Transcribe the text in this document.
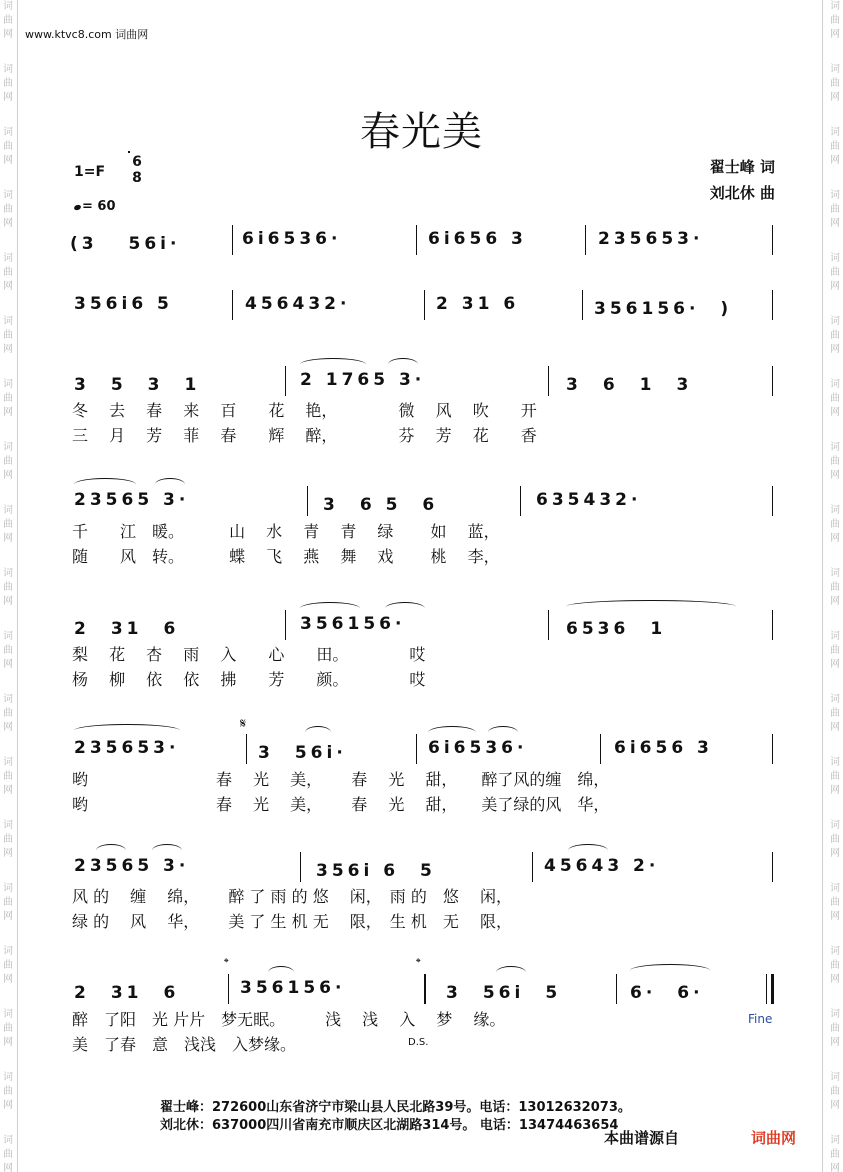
词
曲
网
词
曲
网
词
曲
网
词
曲
网
词
曲
网
词
曲
网
词
曲
网
词
曲
网
词
曲
网
词
曲
网
词
曲
网
词
曲
网
词
曲
网
词
曲
网
词
曲
网
词
曲
网
词
曲
网
词
曲
网
词
曲
网
词
曲
网
词
曲
网
词
曲
网
词
曲
网
词
曲
网
词
曲
网
词
曲
网
词
曲
网
词
曲
网
词
曲
网
词
曲
网
词
曲
网
词
曲
网
词
曲
网
词
曲
网
词
曲
网
词
曲
网
词
曲
网
词
曲
网
www.ktvc8.com 词曲网
春光美
1=F
6
8
= 60
翟士峰 词
刘北休 曲
(3　 56i·	6i6536·	6i656 3	235653·
356i6 5	456432·	2 31 6	356156·　)
3　5　3　1	2 1765 3·	3　6　1　3
冬　 去　 春　 来　 百　　花　 艳，　　　　 微　 风　 吹　　开
三　 月　 芳　 菲　 春　　辉　 醉，　　　　 芬　 芳　 花　　香
23565 3·	3　6 5　6	635432·
千　　江　暖。　　　 山　 水　 青　 青　 绿　　 如　 蓝，
随　　风　转。　　　 蝶　 飞　 燕　 舞　 戏　　 桃　 李，
2　31　6	356156·	6536　1
梨　 花　 杏　 雨　 入　　心　　田。　　　　 哎
杨　 柳　 依　 依　 拂　　芳　　颜。　　　　 哎
𝄋
235653·	3　56i·	6i6536·	6i656 3
哟　　　　　　　　春　 光　 美，　　 春　 光　 甜，　　醉了风的缠　绵，
哟　　　　　　　　春　 光　 美，　　 春　 光　 甜，　　美了绿的风　华，
23565 3·	356i 6　5	45643 2·
风 的　 缠　 绵，　　 醉 了 雨 的 悠　 闲，　雨 的　悠　 闲，
绿 的　 风　 华，　　 美 了 生 机 无　 限，　生 机　无　 限，
𝄌	𝄌
2　31　6	356156·	3　56i　5	6·　6·
醉　了阳　光 片片　梦无眠。　　　浅　 浅　 入　 梦　 缘。
美　了春　意　浅浅　入梦缘。
Fine
D.S.
翟士峰：272600山东省济宁市梁山县人民北路39号。电话：13012632073。
刘北休：637000四川省南充市顺庆区北湖路314号。 电话：13474463654
本曲谱源自	词曲网
